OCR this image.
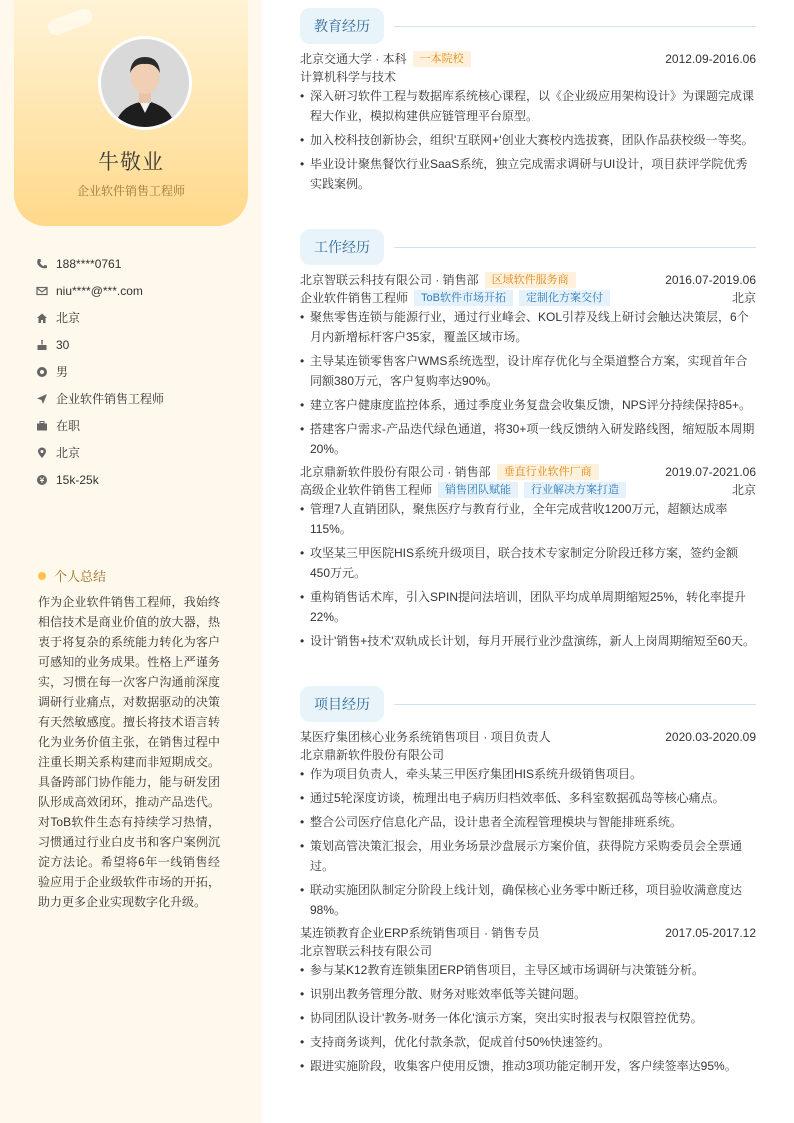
牛敬业
企业软件销售工程师
188****0761
niu****@***.com
北京
30
男
企业软件销售工程师
在职
北京
15k-25k
个人总结
作为企业软件销售工程师，我始终相信技术是商业价值的放大器，热衷于将复杂的系统能力转化为客户可感知的业务成果。性格上严谨务实，习惯在每一次客户沟通前深度调研行业痛点，对数据驱动的决策有天然敏感度。擅长将技术语言转化为业务价值主张，在销售过程中注重长期关系构建而非短期成交。具备跨部门协作能力，能与研发团队形成高效闭环，推动产品迭代。对ToB软件生态有持续学习热情，习惯通过行业白皮书和客户案例沉淀方法论。希望将6年一线销售经验应用于企业级软件市场的开拓，助力更多企业实现数字化升级。
教育经历
北京交通大学 · 本科	一本院校	2012.09-2016.06
计算机科学与技术
• 深入研习软件工程与数据库系统核心课程，以《企业级应用架构设计》为课题完成课程大作业，模拟构建供应链管理平台原型。
• 加入校科技创新协会，组织'互联网+'创业大赛校内选拔赛，团队作品获校级一等奖。
• 毕业设计聚焦餐饮行业SaaS系统，独立完成需求调研与UI设计，项目获评学院优秀实践案例。
工作经历
北京智联云科技有限公司 · 销售部	区域软件服务商	2016.07-2019.06
企业软件销售工程师	ToB软件市场开拓	定制化方案交付	北京
• 聚焦零售连锁与能源行业，通过行业峰会、KOL引荐及线上研讨会触达决策层，6个月内新增标杆客户35家，覆盖区域市场。
• 主导某连锁零售客户WMS系统选型，设计库存优化与全渠道整合方案，实现首年合同额380万元，客户复购率达90%。
• 建立客户健康度监控体系，通过季度业务复盘会收集反馈，NPS评分持续保持85+。
• 搭建客户需求-产品迭代绿色通道，将30+项一线反馈纳入研发路线图，缩短版本周期20%。
北京鼎新软件股份有限公司 · 销售部	垂直行业软件厂商	2019.07-2021.06
高级企业软件销售工程师	销售团队赋能	行业解决方案打造	北京
• 管理7人直销团队，聚焦医疗与教育行业，全年完成营收1200万元，超额达成率115%。
• 攻坚某三甲医院HIS系统升级项目，联合技术专家制定分阶段迁移方案，签约金额450万元。
• 重构销售话术库，引入SPIN提问法培训，团队平均成单周期缩短25%，转化率提升22%。
• 设计'销售+技术'双轨成长计划，每月开展行业沙盘演练，新人上岗周期缩短至60天。
项目经历
某医疗集团核心业务系统销售项目 · 项目负责人	2020.03-2020.09
北京鼎新软件股份有限公司
• 作为项目负责人，牵头某三甲医疗集团HIS系统升级销售项目。
• 通过5轮深度访谈，梳理出电子病历归档效率低、多科室数据孤岛等核心痛点。
• 整合公司医疗信息化产品，设计患者全流程管理模块与智能排班系统。
• 策划高管决策汇报会，用业务场景沙盘展示方案价值，获得院方采购委员会全票通过。
• 联动实施团队制定分阶段上线计划，确保核心业务零中断迁移，项目验收满意度达98%。
某连锁教育企业ERP系统销售项目 · 销售专员	2017.05-2017.12
北京智联云科技有限公司
• 参与某K12教育连锁集团ERP销售项目，主导区域市场调研与决策链分析。
• 识别出教务管理分散、财务对账效率低等关键问题。
• 协同团队设计'教务-财务一体化'演示方案，突出实时报表与权限管控优势。
• 支持商务谈判，优化付款条款，促成首付50%快速签约。
• 跟进实施阶段，收集客户使用反馈，推动3项功能定制开发，客户续签率达95%。
